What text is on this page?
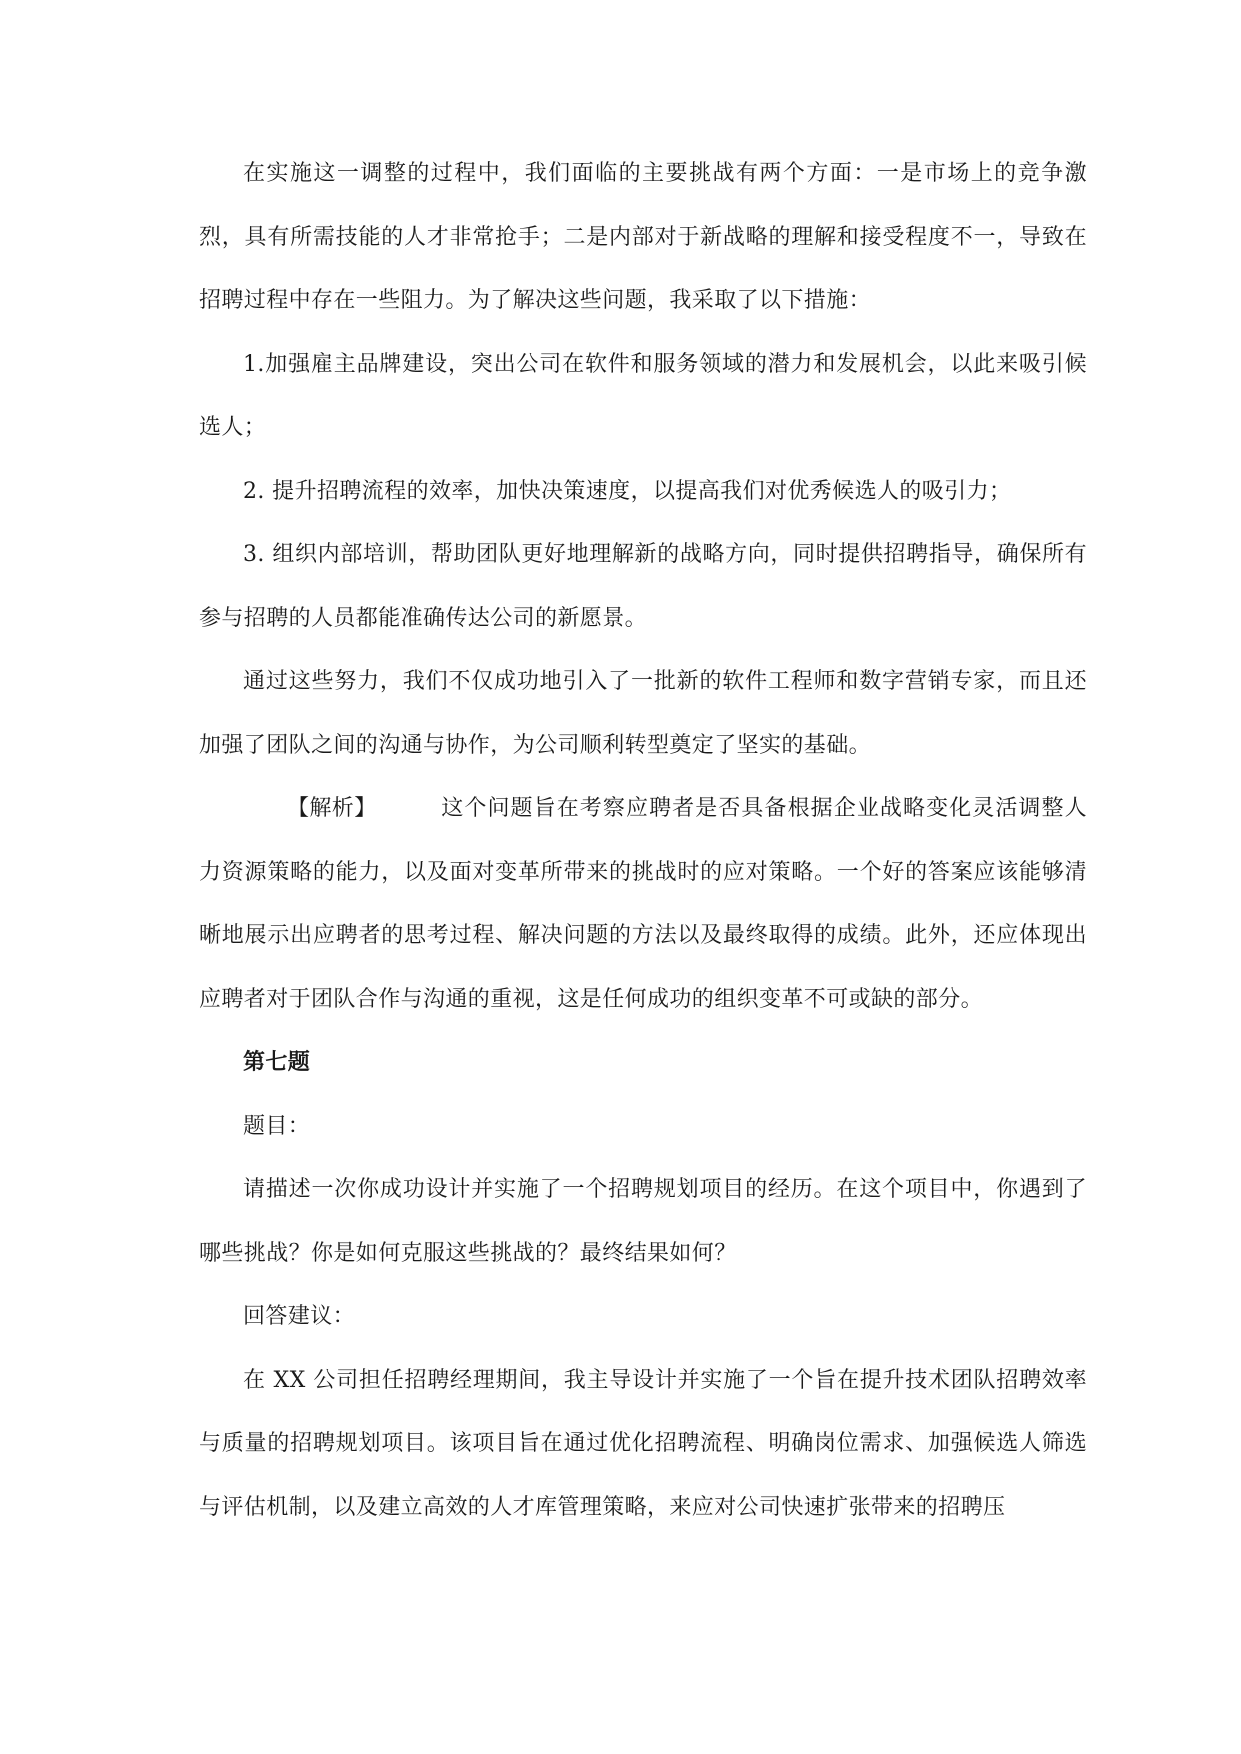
在实施这一调整的过程中，我们面临的主要挑战有两个方面：一是市场上的竞争激烈，具有所需技能的人才非常抢手；二是内部对于新战略的理解和接受程度不一，导致在招聘过程中存在一些阻力。为了解决这些问题，我采取了以下措施：

1.加强雇主品牌建设，突出公司在软件和服务领域的潜力和发展机会，以此来吸引候选人；

2. 提升招聘流程的效率，加快决策速度，以提高我们对优秀候选人的吸引力；

3. 组织内部培训，帮助团队更好地理解新的战略方向，同时提供招聘指导，确保所有参与招聘的人员都能准确传达公司的新愿景。

通过这些努力，我们不仅成功地引入了一批新的软件工程师和数字营销专家，而且还加强了团队之间的沟通与协作，为公司顺利转型奠定了坚实的基础。

【解析】	这个问题旨在考察应聘者是否具备根据企业战略变化灵活调整人力资源策略的能力，以及面对变革所带来的挑战时的应对策略。一个好的答案应该能够清晰地展示出应聘者的思考过程、解决问题的方法以及最终取得的成绩。此外，还应体现出应聘者对于团队合作与沟通的重视，这是任何成功的组织变革不可或缺的部分。

第七题

题目：

请描述一次你成功设计并实施了一个招聘规划项目的经历。在这个项目中，你遇到了哪些挑战？你是如何克服这些挑战的？最终结果如何？

回答建议：

在 XX 公司担任招聘经理期间，我主导设计并实施了一个旨在提升技术团队招聘效率与质量的招聘规划项目。该项目旨在通过优化招聘流程、明确岗位需求、加强候选人筛选与评估机制，以及建立高效的人才库管理策略，来应对公司快速扩张带来的招聘压
